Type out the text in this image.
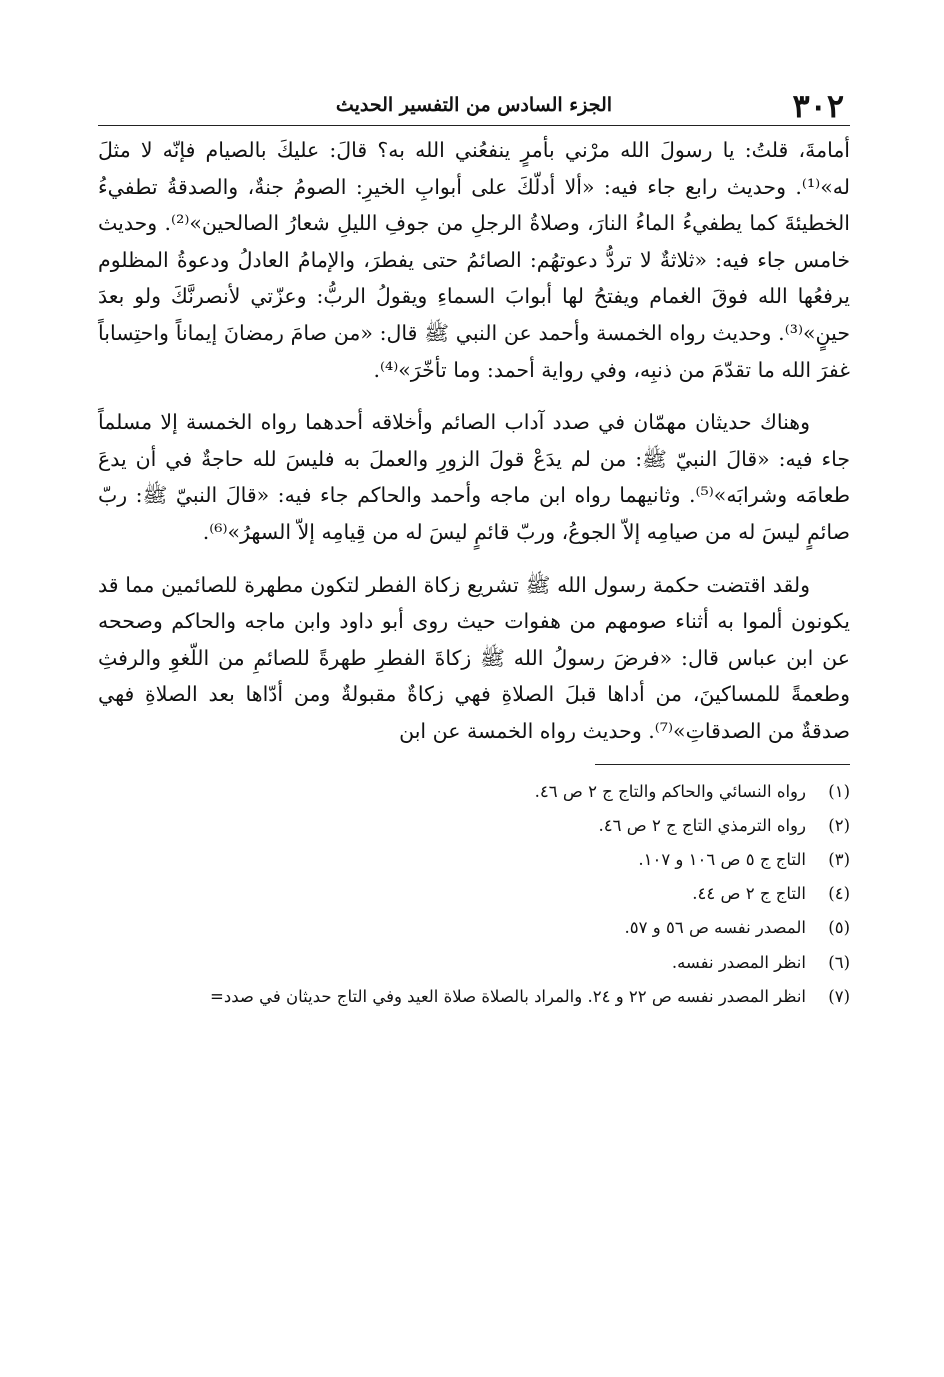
٣٠٢
الجزء السادس من التفسير الحديث

أمامةَ، قلتُ: يا رسولَ الله مرْني بأمرٍ ينفعُني الله به؟ قالَ: عليكَ بالصيام فإنّه لا مثلَ له»⁽¹⁾. وحديث رابع جاء فيه: «ألا أدلّكَ على أبوابِ الخيرِ: الصومُ جنةٌ، والصدقةُ تطفيءُ الخطيئةَ كما يطفيءُ الماءُ النارَ، وصلاةُ الرجلِ من جوفِ الليلِ شعارُ الصالحين»⁽²⁾. وحديث خامس جاء فيه: «ثلاثةٌ لا تردُّ دعوتهُم: الصائمُ حتى يفطرَ، والإمامُ العادلُ ودعوةُ المظلوم يرفعُها الله فوقَ الغمام ويفتحُ لها أبوابَ السماءِ ويقولُ الربُّ: وعزّتي لأنصرنَّكَ ولو بعدَ حينٍ»⁽³⁾. وحديث رواه الخمسة وأحمد عن النبي ﷺ قال: «من صامَ رمضانَ إيماناً واحتِساباً غفرَ الله ما تقدّمَ من ذنبِه، وفي رواية أحمد: وما تأخّرَ»⁽⁴⁾.

وهناك حديثان مهمّان في صدد آداب الصائم وأخلاقه أحدهما رواه الخمسة إلا مسلماً جاء فيه: «قالَ النبيّ ﷺ: من لم يدَعْ قولَ الزورِ والعملَ به فليسَ لله حاجةٌ في أن يدعَ طعامَه وشرابَه»⁽⁵⁾. وثانيهما رواه ابن ماجه وأحمد والحاكم جاء فيه: «قالَ النبيّ ﷺ: ربّ صائمٍ ليسَ له من صيامِه إلاّ الجوعُ، وربّ قائمٍ ليسَ له من قِيامِه إلاّ السهرُ»⁽⁶⁾.

ولقد اقتضت حكمة رسول الله ﷺ تشريع زكاة الفطر لتكون مطهرة للصائمين مما قد يكونون ألموا به أثناء صومهم من هفوات حيث روى أبو داود وابن ماجه والحاكم وصححه عن ابن عباس قال: «فرضَ رسولُ الله ﷺ زكاةَ الفطرِ طهرةً للصائمِ من اللّغوِ والرفثِ وطعمةً للمساكينَ، من أداها قبلَ الصلاةِ فهي زكاةٌ مقبولةٌ ومن أدّاها بعد الصلاةِ فهي صدقةٌ من الصدقاتِ»⁽⁷⁾. وحديث رواه الخمسة عن ابن

(١)رواه النسائي والحاكم والتاج ج ٢ ص ٤٦.
(٢)رواه الترمذي التاج ج ٢ ص ٤٦.
(٣)التاج ج ٥ ص ١٠٦ و ١٠٧.
(٤)التاج ج ٢ ص ٤٤.
(٥)المصدر نفسه ص ٥٦ و ٥٧.
(٦)انظر المصدر نفسه.
(٧)انظر المصدر نفسه ص ٢٢ و ٢٤. والمراد بالصلاة صلاة العيد وفي التاج حديثان في صدد=
